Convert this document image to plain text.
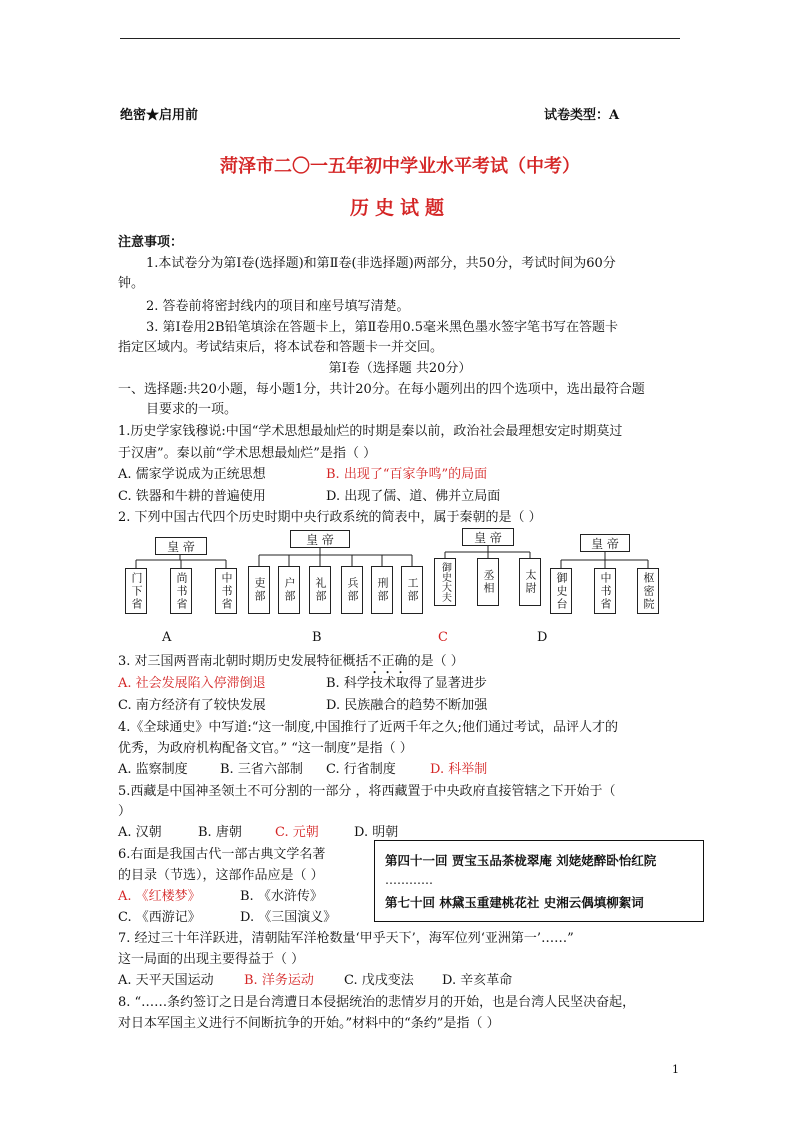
绝密★启用前	试卷类型：A
菏泽市二〇一五年初中学业水平考试（中考）
历史试题
注意事项：
1.本试卷分为第Ⅰ卷(选择题)和第Ⅱ卷(非选择题)两部分，共50分，考试时间为60分
钟。
2. 答卷前将密封线内的项目和座号填写清楚。
3. 第Ⅰ卷用2B铅笔填涂在答题卡上，第Ⅱ卷用0.5毫米黑色墨水签字笔书写在答题卡
指定区域内。考试结束后，将本试卷和答题卡一并交回。
第Ⅰ卷（选择题 共20分）
一、选择题:共20小题，每小题1分，共计20分。在每小题列出的四个选项中，选出最符合题
目要求的一项。
1.历史学家钱穆说:中国“学术思想最灿烂的时期是秦以前，政治社会最理想安定时期莫过
于汉唐”。秦以前“学术思想最灿烂”是指（ ）
A. 儒家学说成为正统思想	B. 出现了“百家争鸣”的局面
C. 铁器和牛耕的普遍使用	D. 出现了儒、道、佛并立局面
2. 下列中国古代四个历史时期中央行政系统的简表中，属于秦朝的是（ ）
皇 帝
门下省	尚书省	中书省
皇 帝
吏部 户部 礼部 兵部 刑部 工部
皇 帝
御史大夫	丞相	太尉
皇 帝
御史台	中书省	枢密院
A	B	C	D
3. 对三国两晋南北朝时期历史发展特征概括不正确的是（ ）
A. 社会发展陷入停滞倒退	B. 科学技术取得了显著进步
C. 南方经济有了较快发展	D. 民族融合的趋势不断加强
4.《全球通史》中写道:“这一制度,中国推行了近两千年之久;他们通过考试，品评人才的
优秀，为政府机构配备文官。” “这一制度”是指（ ）
A. 监察制度 B. 三省六部制 C. 行省制度	D. 科举制
5.西藏是中国神圣领土不可分割的一部分 ，将西藏置于中央政府直接管辖之下开始于（
）
A. 汉朝	B. 唐朝	C. 元朝	D. 明朝
6.右面是我国古代一部古典文学名著
的目录（节选），这部作品应是（ ）
A. 《红楼梦》	B. 《水浒传》
C. 《西游记》	D. 《三国演义》
第四十一回 贾宝玉品茶栊翠庵 刘姥姥醉卧怡红院
…………
第七十回 林黛玉重建桃花社 史湘云偶填柳絮词
7. 经过三十年洋跃进，清朝陆军洋枪数量‘甲乎天下’，海军位列‘亚洲第一’……”
这一局面的出现主要得益于（ ）
A. 天平天国运动 B. 洋务运动 C. 戊戌变法 D. 辛亥革命
8. “……条约签订之日是台湾遭日本侵据统治的悲情岁月的开始，也是台湾人民坚决奋起，
对日本军国主义进行不间断抗争的开始。”材料中的“条约”是指（ ）
1
